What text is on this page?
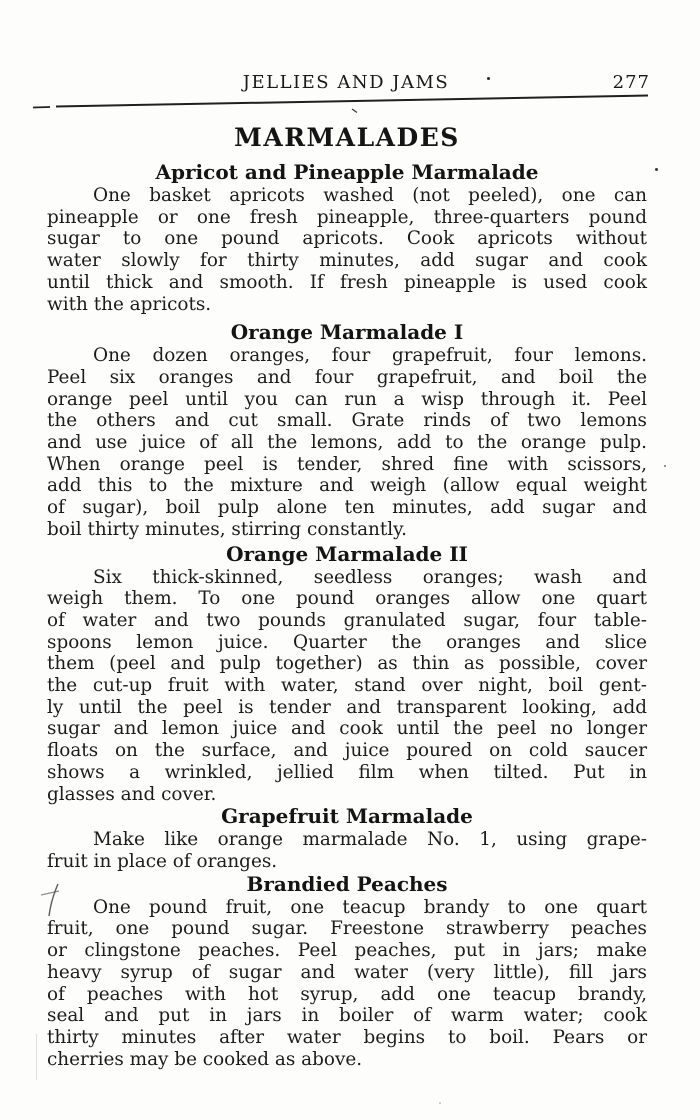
JELLIES AND JAMS	277
MARMALADES
Apricot and Pineapple Marmalade
One basket apricots washed (not peeled), one can
pineapple or one fresh pineapple, three-quarters pound
sugar to one pound apricots. Cook apricots without
water slowly for thirty minutes, add sugar and cook
until thick and smooth. If fresh pineapple is used cook
with the apricots.
Orange Marmalade I
One dozen oranges, four grapefruit, four lemons.
Peel six oranges and four grapefruit, and boil the
orange peel until you can run a wisp through it. Peel
the others and cut small. Grate rinds of two lemons
and use juice of all the lemons, add to the orange pulp.
When orange peel is tender, shred fine with scissors,
add this to the mixture and weigh (allow equal weight
of sugar), boil pulp alone ten minutes, add sugar and
boil thirty minutes, stirring constantly.
Orange Marmalade II
Six thick-skinned, seedless oranges; wash and
weigh them. To one pound oranges allow one quart
of water and two pounds granulated sugar, four table-
spoons lemon juice. Quarter the oranges and slice
them (peel and pulp together) as thin as possible, cover
the cut-up fruit with water, stand over night, boil gent-
ly until the peel is tender and transparent looking, add
sugar and lemon juice and cook until the peel no longer
floats on the surface, and juice poured on cold saucer
shows a wrinkled, jellied film when tilted. Put in
glasses and cover.
Grapefruit Marmalade
Make like orange marmalade No. 1, using grape-
fruit in place of oranges.
Brandied Peaches
One pound fruit, one teacup brandy to one quart
fruit, one pound sugar. Freestone strawberry peaches
or clingstone peaches. Peel peaches, put in jars; make
heavy syrup of sugar and water (very little), fill jars
of peaches with hot syrup, add one teacup brandy,
seal and put in jars in boiler of warm water; cook
thirty minutes after water begins to boil. Pears or
cherries may be cooked as above.
